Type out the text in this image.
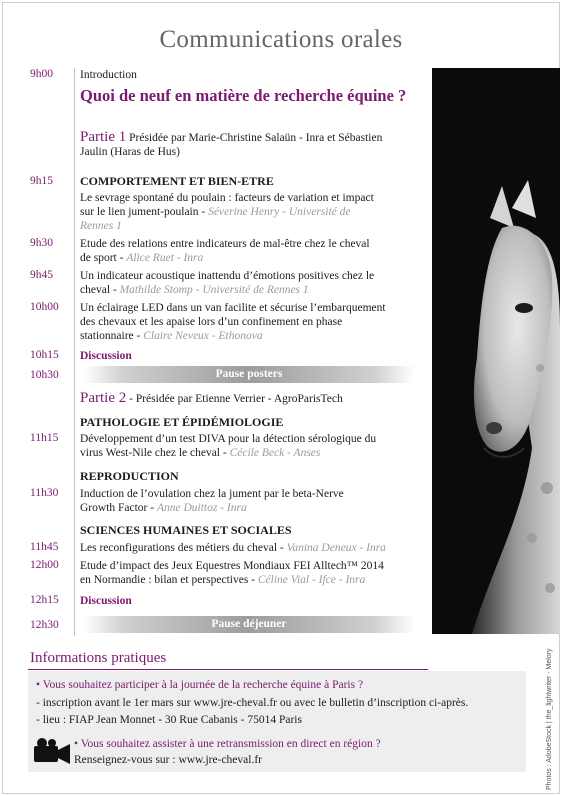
Communications orales
9h00 Introduction
Quoi de neuf en matière de recherche équine ?
Partie 1 Présidée par Marie-Christine Salaün - Inra et Sébastien Jaulin (Haras de Hus)
9h15 COMPORTEMENT ET BIEN-ETRE
Le sevrage spontané du poulain : facteurs de variation et impact
sur le lien jument-poulain - Séverine Henry - Université de
Rennes 1
9h30 Etude des relations entre indicateurs de mal-être chez le cheval
de sport - Alice Ruet - Inra
9h45 Un indicateur acoustique inattendu d’émotions positives chez le
cheval - Mathilde Stomp - Université de Rennes 1
10h00 Un éclairage LED dans un van facilite et sécurise l’embarquement
des chevaux et les apaise lors d’un confinement en phase
stationnaire - Claire Neveux - Ethonova
10h15 Discussion
10h30	Pause posters
Partie 2 - Présidée par Etienne Verrier - AgroParisTech
PATHOLOGIE ET ÉPIDÉMIOLOGIE
11h15 Développement d’un test DIVA pour la détection sérologique du
virus West-Nile chez le cheval - Cécile Beck - Anses
REPRODUCTION
11h30 Induction de l’ovulation chez la jument par le beta-Nerve
Growth Factor - Anne Duittoz - Inra
SCIENCES HUMAINES ET SOCIALES
11h45 Les reconfigurations des métiers du cheval - Vanina Deneux - Inra
12h00 Etude d’impact des Jeux Equestres Mondiaux FEI Alltech™ 2014
en Normandie : bilan et perspectives - Céline Vial - Ifce - Inra
12h15 Discussion
12h30	Pause déjeuner
Photos : AdobeStock | the_lightwriter - Melory
Informations pratiques
• Vous souhaitez participer à la journée de la recherche équine à Paris ?
- inscription avant le 1er mars sur www.jre-cheval.fr ou avec le bulletin d’inscription ci-après.
- lieu : FIAP Jean Monnet - 30 Rue Cabanis - 75014 Paris
• Vous souhaitez assister à une retransmission en direct en région ?
Renseignez-vous sur : www.jre-cheval.fr
